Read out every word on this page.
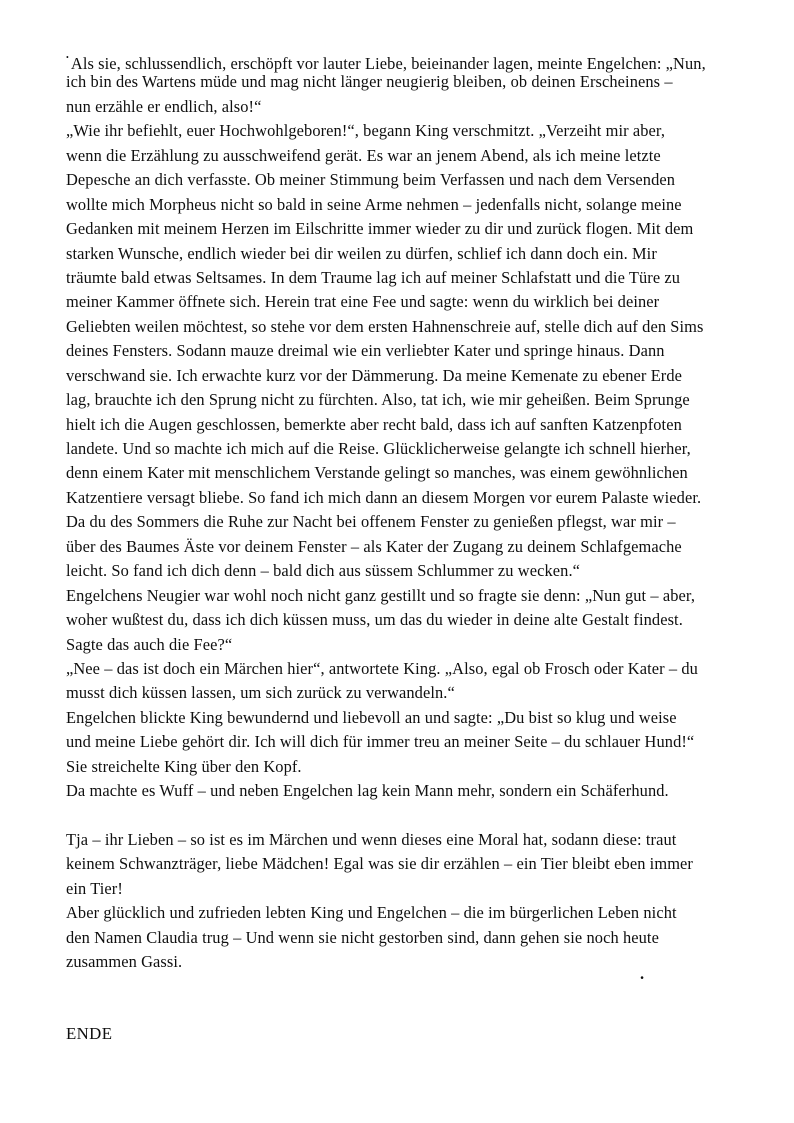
• Als sie, schlussendlich, erschöpft vor lauter Liebe, beieinander lagen, meinte Engelchen: „Nun,
ich bin des Wartens müde und mag nicht länger neugierig bleiben, ob deinen Erscheinens –
nun erzähle er endlich, also!“
„Wie ihr befiehlt, euer Hochwohlgeboren!“, begann King verschmitzt. „Verzeiht mir aber,
wenn die Erzählung zu ausschweifend gerät. Es war an jenem Abend, als ich meine letzte
Depesche an dich verfasste. Ob meiner Stimmung beim Verfassen und nach dem Versenden
wollte mich Morpheus nicht so bald in seine Arme nehmen – jedenfalls nicht, solange meine
Gedanken mit meinem Herzen im Eilschritte immer wieder zu dir und zurück flogen. Mit dem
starken Wunsche, endlich wieder bei dir weilen zu dürfen, schlief ich dann doch ein. Mir
träumte bald etwas Seltsames. In dem Traume lag ich auf meiner Schlafstatt und die Türe zu
meiner Kammer öffnete sich. Herein trat eine Fee und sagte: wenn du wirklich bei deiner
Geliebten weilen möchtest, so stehe vor dem ersten Hahnenschreie auf, stelle dich auf den Sims
deines Fensters. Sodann mauze dreimal wie ein verliebter Kater und springe hinaus. Dann
verschwand sie. Ich erwachte kurz vor der Dämmerung. Da meine Kemenate zu ebener Erde
lag, brauchte ich den Sprung nicht zu fürchten. Also, tat ich, wie mir geheißen. Beim Sprunge
hielt ich die Augen geschlossen, bemerkte aber recht bald, dass ich auf sanften Katzenpfoten
landete. Und so machte ich mich auf die Reise. Glücklicherweise gelangte ich schnell hierher,
denn einem Kater mit menschlichem Verstande gelingt so manches, was einem gewöhnlichen
Katzentiere versagt bliebe. So fand ich mich dann an diesem Morgen vor eurem Palaste wieder.
Da du des Sommers die Ruhe zur Nacht bei offenem Fenster zu genießen pflegst, war mir –
über des Baumes Äste vor deinem Fenster – als Kater der Zugang zu deinem Schlafgemache
leicht. So fand ich dich denn – bald dich aus süssem Schlummer zu wecken.“
Engelchens Neugier war wohl noch nicht ganz gestillt und so fragte sie denn: „Nun gut – aber,
woher wußtest du, dass ich dich küssen muss, um das du wieder in deine alte Gestalt findest.
Sagte das auch die Fee?“
„Nee – das ist doch ein Märchen hier“, antwortete King. „Also, egal ob Frosch oder Kater – du
musst dich küssen lassen, um sich zurück zu verwandeln.“
Engelchen blickte King bewundernd und liebevoll an und sagte: „Du bist so klug und weise
und meine Liebe gehört dir. Ich will dich für immer treu an meiner Seite – du schlauer Hund!“
Sie streichelte King über den Kopf.
Da machte es Wuff – und neben Engelchen lag kein Mann mehr, sondern ein Schäferhund.
Tja – ihr Lieben – so ist es im Märchen und wenn dieses eine Moral hat, sodann diese: traut
keinem Schwanzträger, liebe Mädchen! Egal was sie dir erzählen – ein Tier bleibt eben immer
ein Tier!
Aber glücklich und zufrieden lebten King und Engelchen – die im bürgerlichen Leben nicht
den Namen Claudia trug – Und wenn sie nicht gestorben sind, dann gehen sie noch heute
zusammen Gassi.
.
ENDE
